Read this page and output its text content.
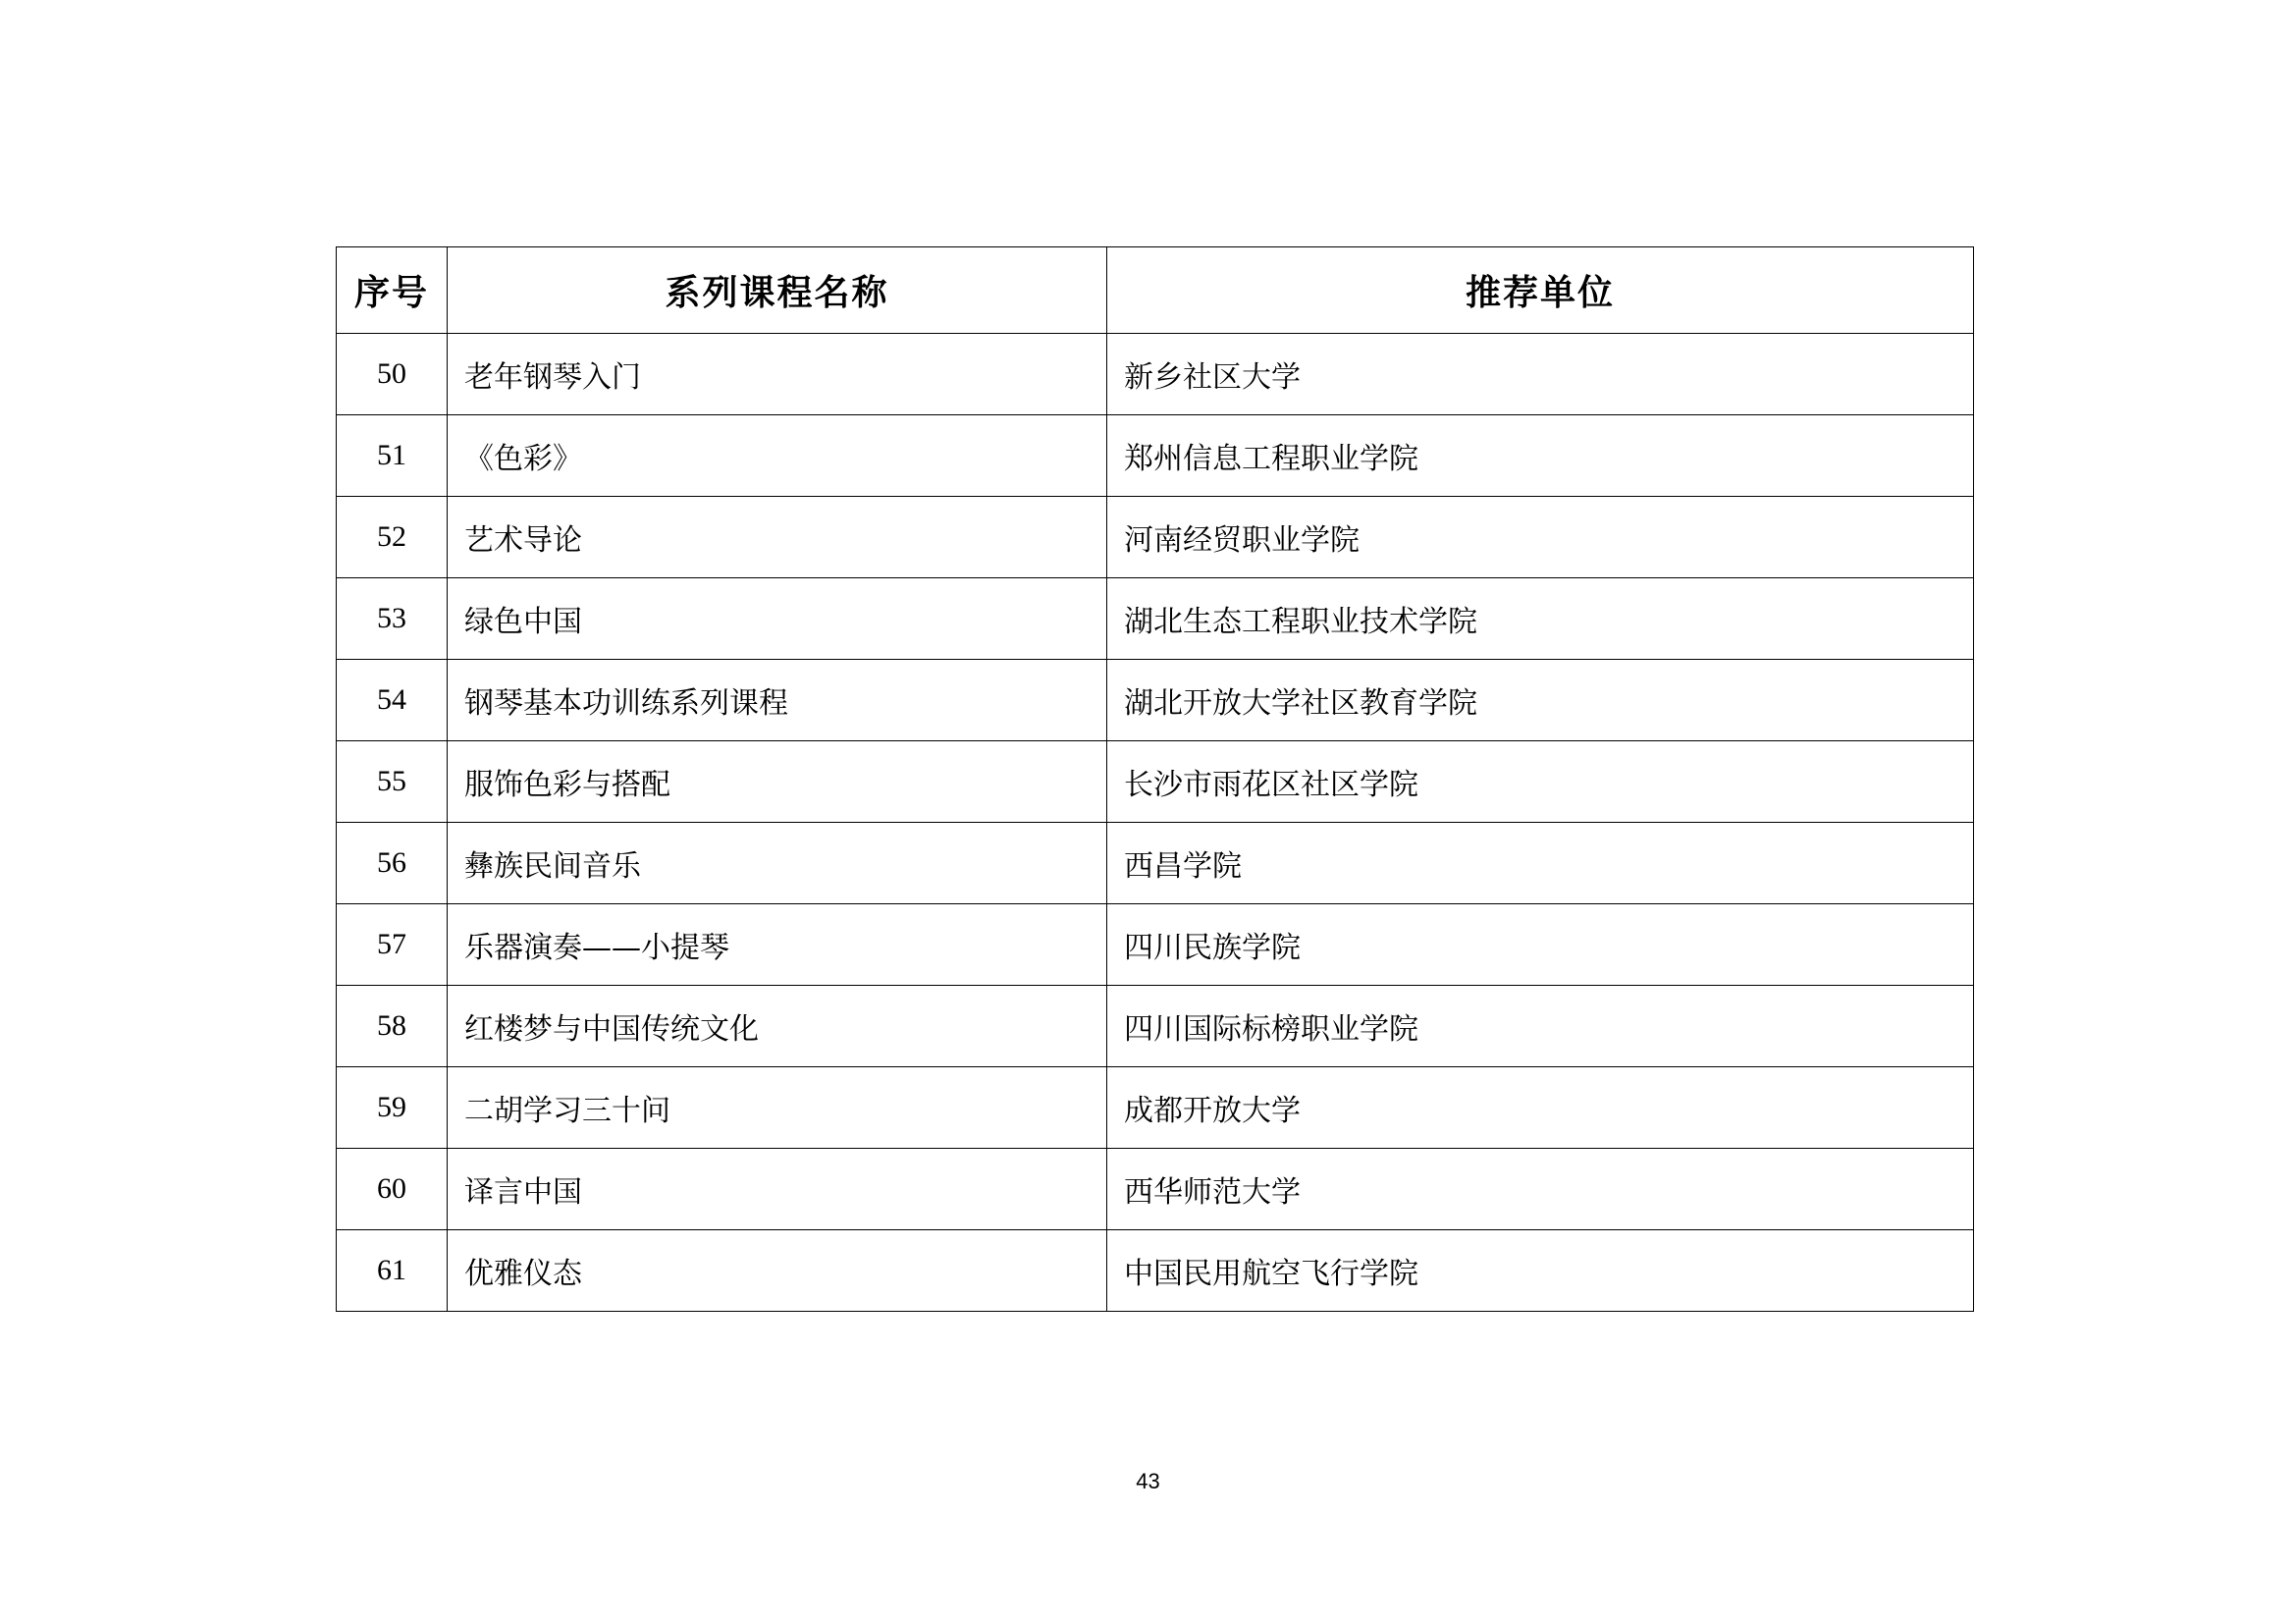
序号	系列课程名称	推荐单位
50	老年钢琴入门	新乡社区大学
51	《色彩》	郑州信息工程职业学院
52	艺术导论	河南经贸职业学院
53	绿色中国	湖北生态工程职业技术学院
54	钢琴基本功训练系列课程	湖北开放大学社区教育学院
55	服饰色彩与搭配	长沙市雨花区社区学院
56	彝族民间音乐	西昌学院
57	乐器演奏——小提琴	四川民族学院
58	红楼梦与中国传统文化	四川国际标榜职业学院
59	二胡学习三十问	成都开放大学
60	译言中国	西华师范大学
61	优雅仪态	中国民用航空飞行学院
43
